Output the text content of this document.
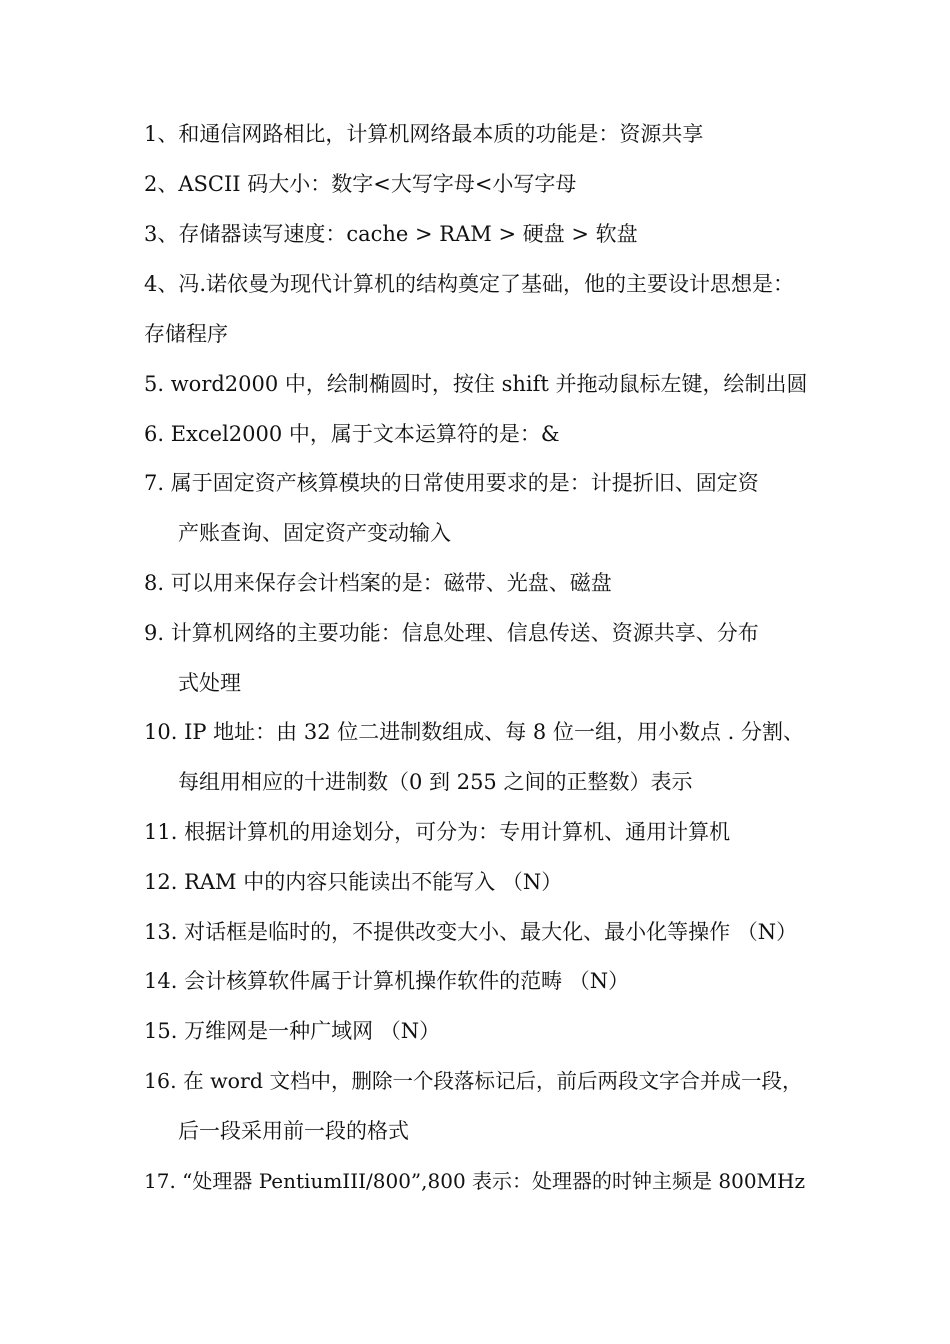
1、和通信网路相比，计算机网络最本质的功能是：资源共享
2、ASCII 码大小：数字<大写字母<小写字母
3、存储器读写速度：cache > RAM > 硬盘 > 软盘
4、冯.诺依曼为现代计算机的结构奠定了基础，他的主要设计思想是：
存储程序
5. word2000 中，绘制椭圆时，按住 shift 并拖动鼠标左键，绘制出圆
6. Excel2000 中，属于文本运算符的是：&
7. 属于固定资产核算模块的日常使用要求的是：计提折旧、固定资
产账查询、固定资产变动输入
8. 可以用来保存会计档案的是：磁带、光盘、磁盘
9. 计算机网络的主要功能：信息处理、信息传送、资源共享、分布
式处理
10. IP 地址：由 32 位二进制数组成、每 8 位一组，用小数点 . 分割、
每组用相应的十进制数（0 到 255 之间的正整数）表示
11. 根据计算机的用途划分，可分为：专用计算机、通用计算机
12. RAM 中的内容只能读出不能写入 （N）
13. 对话框是临时的，不提供改变大小、最大化、最小化等操作 （N）
14. 会计核算软件属于计算机操作软件的范畴 （N）
15. 万维网是一种广域网 （N）
16. 在 word 文档中，删除一个段落标记后，前后两段文字合并成一段，
后一段采用前一段的格式
17. “处理器 PentiumIII/800”,800 表示：处理器的时钟主频是 800MHz
